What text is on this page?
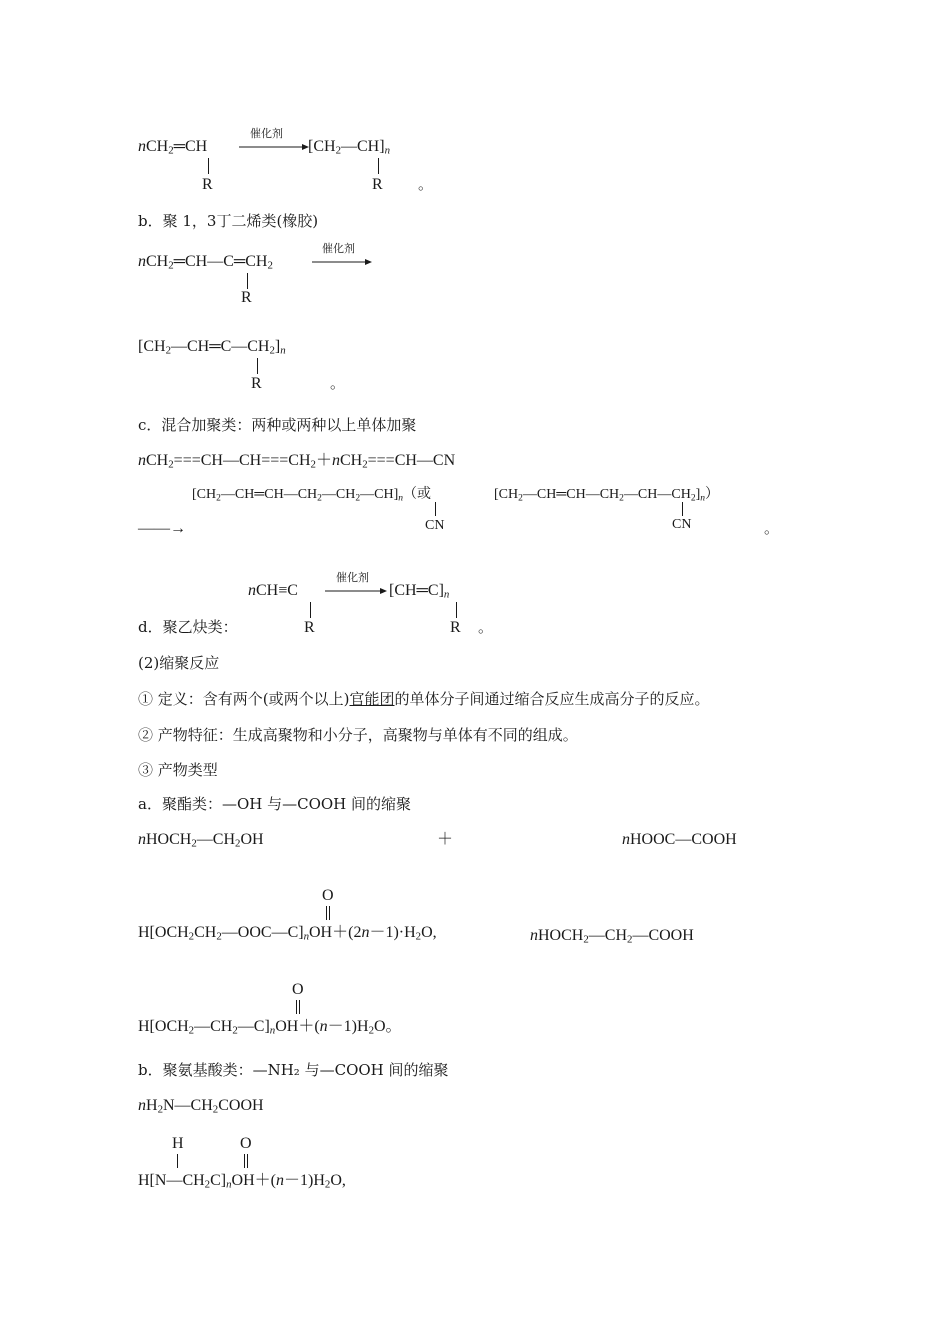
nCH$_2$═CH
催化剂
$[CH_2—CH]_n$
R	R 。
b．聚 1，3丁二烯类(橡胶)
$nCH_2═CH—C═CH_2$
催化剂
R
$[CH_2—CH═C—CH_2]_n$
R	。
c．混合加聚类：两种或两种以上单体加聚
$nCH_2===CH—CH===CH_2+nCH_2===CH—CN$
$[CH_2—CH═CH—CH_2—CH_2—CH]_n$（或	$[CH_2—CH═CH—CH_2—CH—CH_2]_n$）
CN	CN
——→	。
nCH≡C
催化剂
→ $[CH═C]_n$
d．聚乙炔类：	R	R 。
(2)缩聚反应
① 定义：含有两个(或两个以上)官能团的单体分子间通过缩合反应生成高分子的反应。
② 产物特征：生成高聚物和小分子，高聚物与单体有不同的组成。
③ 产物类型
a．聚酯类：—OH 与—COOH 间的缩聚
$nHOCH_2—CH_2OH$	＋	nHOOC—COOH
O
$H[OCH_2CH_2—OOC—C]_nOH+(2n-1)\cdot H_2O$,	$nHOCH_2—CH_2—COOH$
O
$H[OCH_2—CH_2—C]_nOH+(n-1)H_2O$。
b．聚氨基酸类：—NH₂ 与—COOH 间的缩聚
$nH_2N—CH_2COOH$
H	O
$H[N—CH_2C]_nOH+(n-1)H_2O$,
